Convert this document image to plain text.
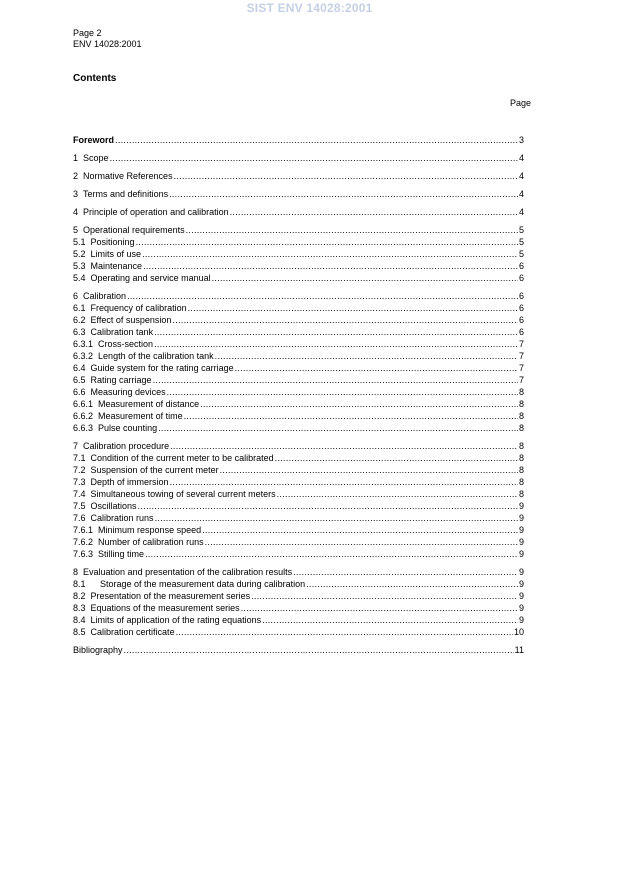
SIST ENV 14028:2001
Page 2
ENV 14028:2001
Contents
Page
Foreword .....	3
1 Scope .....	4
2 Normative References .....	4
3 Terms and definitions .....	4
4 Principle of operation and calibration .....	4
5 Operational requirements .....	5
5.1 Positioning .....	5
5.2 Limits of use .....	5
5.3 Maintenance .....	6
5.4 Operating and service manual .....	6
6 Calibration .....	6
6.1 Frequency of calibration .....	6
6.2 Effect of suspension .....	6
6.3 Calibration tank .....	6
6.3.1 Cross-section .....	7
6.3.2 Length of the calibration tank .....	7
6.4 Guide system for the rating carriage .....	7
6.5 Rating carriage .....	7
6.6 Measuring devices .....	8
6.6.1 Measurement of distance .....	8
6.6.2 Measurement of time .....	8
6.6.3 Pulse counting .....	8
7 Calibration procedure .....	8
7.1 Condition of the current meter to be calibrated .....	8
7.2 Suspension of the current meter .....	8
7.3 Depth of immersion .....	8
7.4 Simultaneous towing of several current meters .....	8
7.5 Oscillations .....	9
7.6 Calibration runs .....	9
7.6.1 Minimum response speed .....	9
7.6.2 Number of calibration runs .....	9
7.6.3 Stilling time .....	9
8 Evaluation and presentation of the calibration results .....	9
8.1 Storage of the measurement data during calibration .....	9
8.2 Presentation of the measurement series .....	9
8.3 Equations of the measurement series .....	9
8.4 Limits of application of the rating equations .....	9
8.5 Calibration certificate .....	10
Bibliography .....	11
